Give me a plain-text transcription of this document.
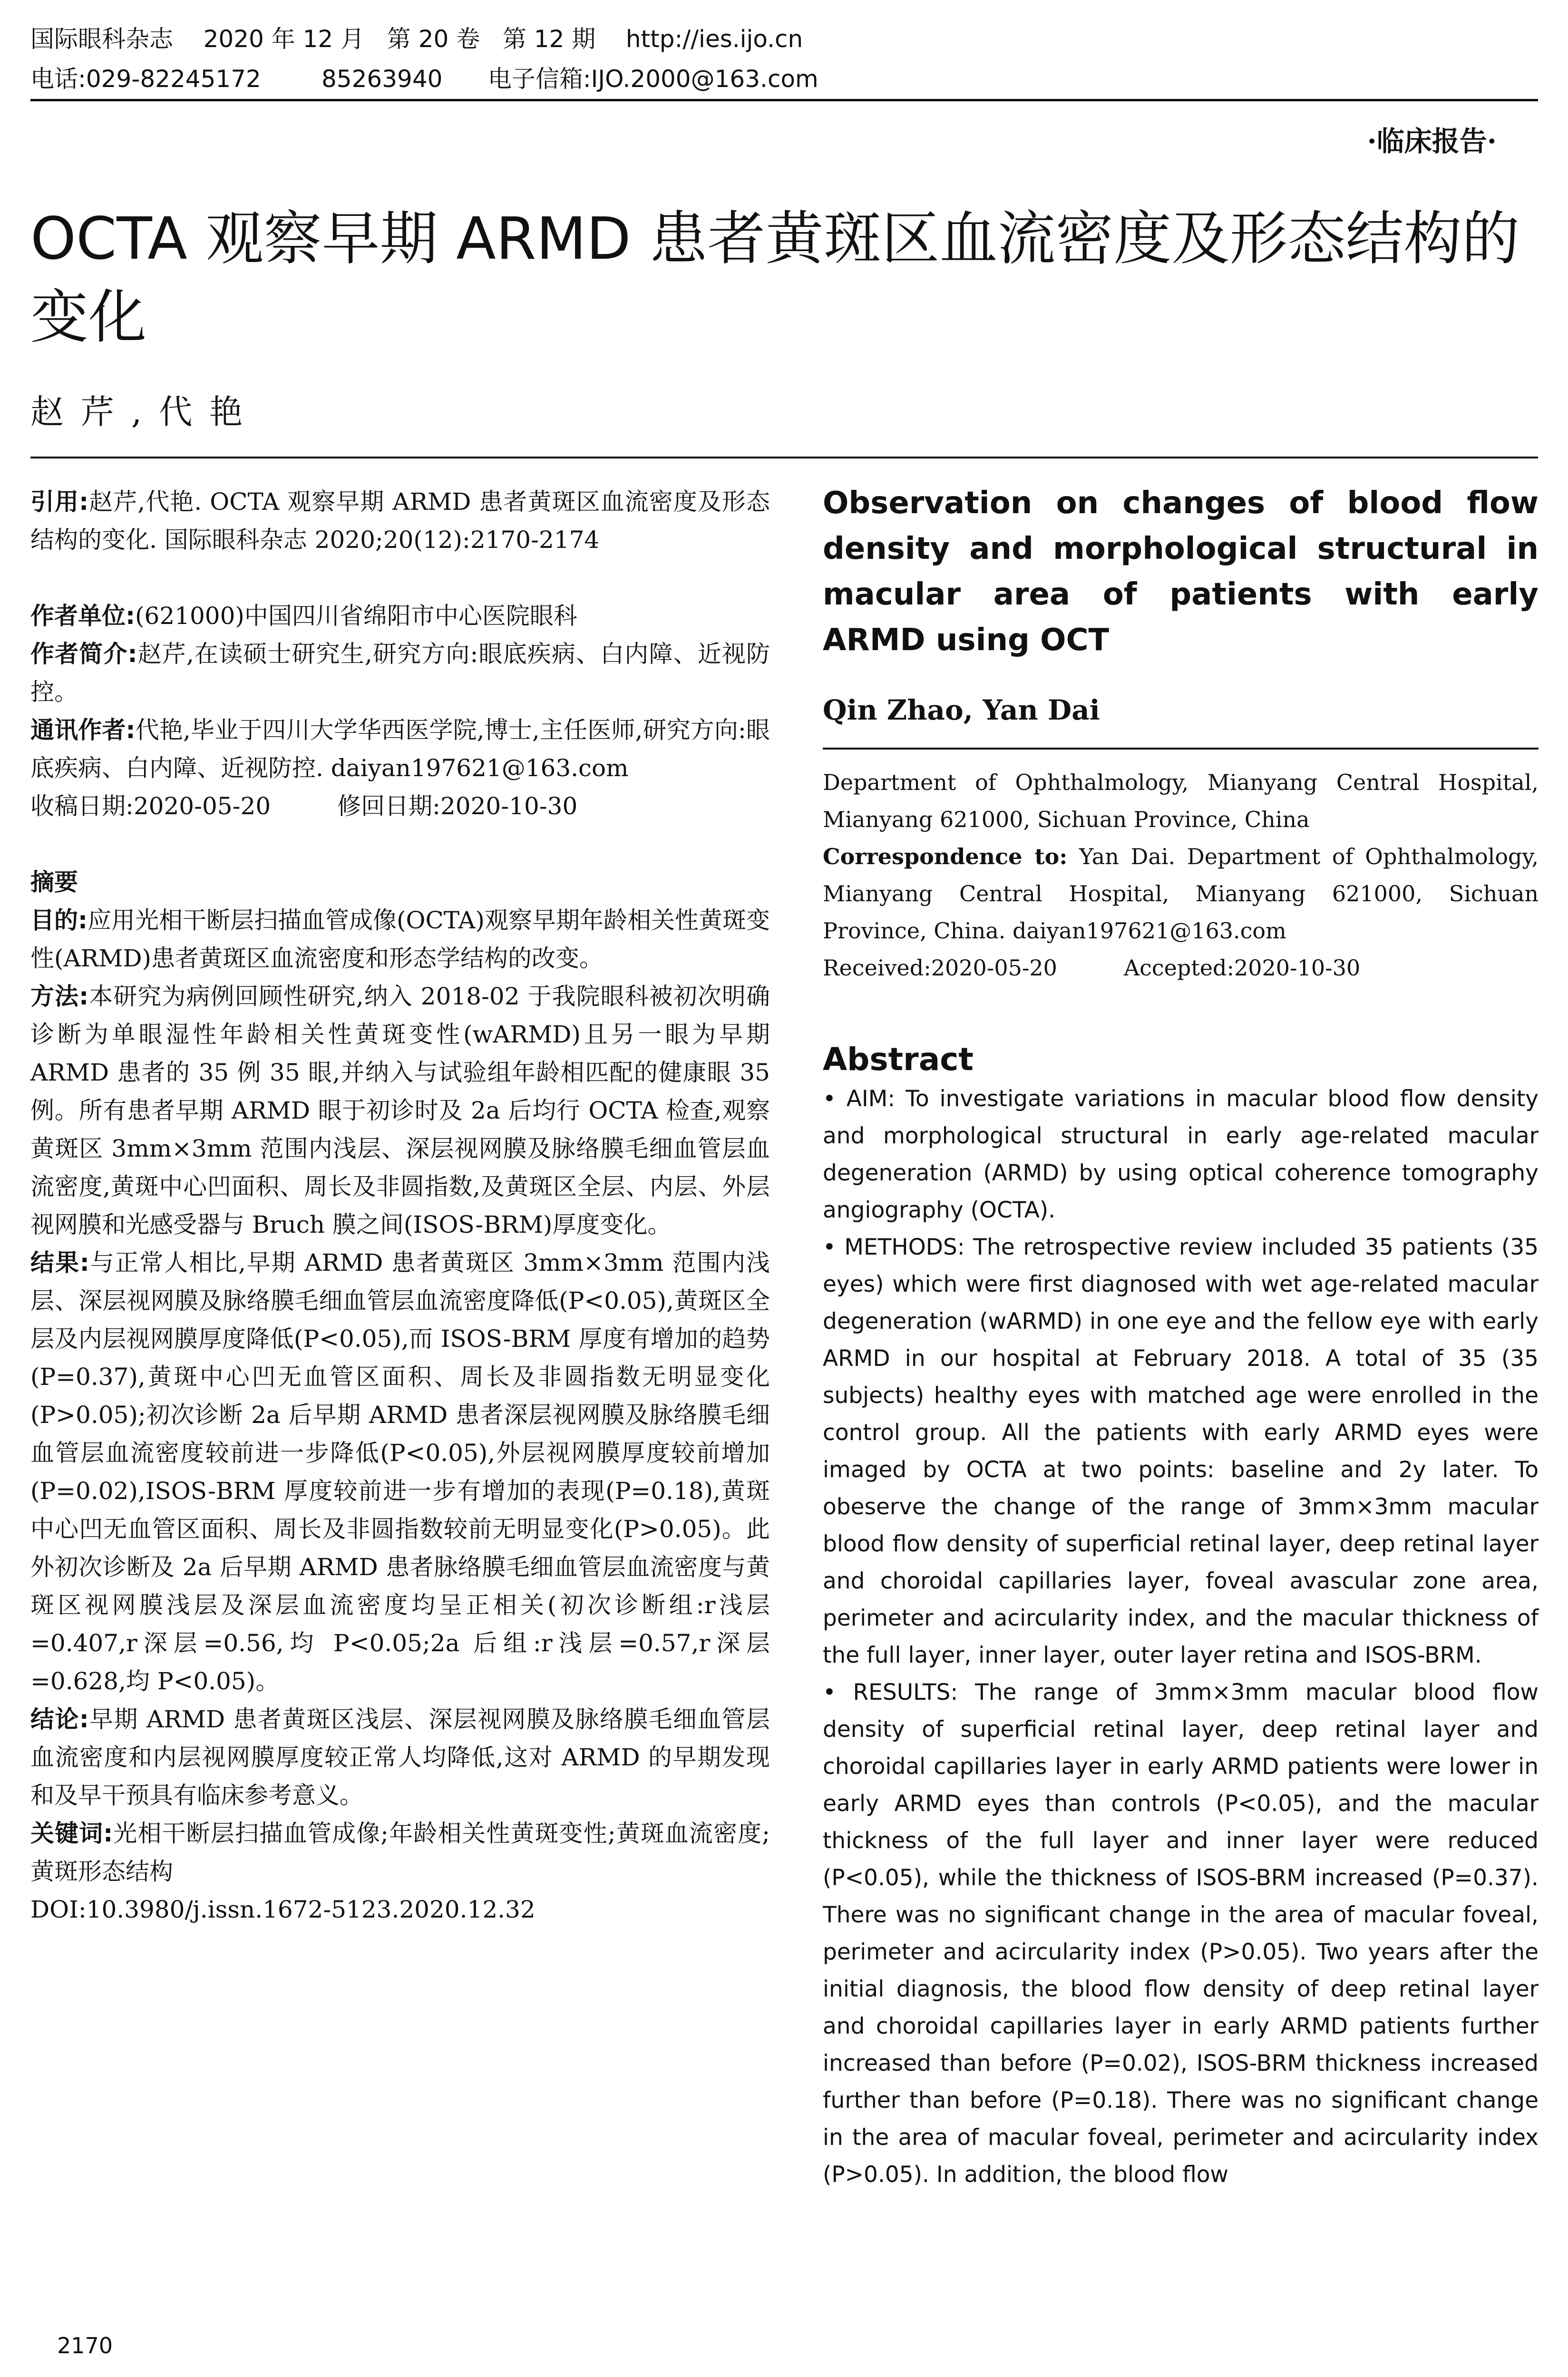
国际眼科杂志    2020 年 12 月   第 20 卷   第 12 期    http://ies.ijo.cn
电话:029-82245172        85263940      电子信箱:IJO.2000@163.com
·临床报告·
OCTA 观察早期 ARMD 患者黄斑区血流密度及形态结构的变化
赵芹,代艳

引用:赵芹,代艳. OCTA 观察早期 ARMD 患者黄斑区血流密度及形态结构的变化. 国际眼科杂志 2020;20(12):2170-2174

作者单位:(621000)中国四川省绵阳市中心医院眼科

作者简介:赵芹,在读硕士研究生,研究方向:眼底疾病、白内障、近视防控。

通讯作者:代艳,毕业于四川大学华西医学院,博士,主任医师,研究方向:眼底疾病、白内障、近视防控. daiyan197621@163.com

收稿日期:2020-05-20	修回日期:2020-10-30

摘要

目的:应用光相干断层扫描血管成像(OCTA)观察早期年龄相关性黄斑变性(ARMD)患者黄斑区血流密度和形态学结构的改变。

方法:本研究为病例回顾性研究,纳入 2018-02 于我院眼科被初次明确诊断为单眼湿性年龄相关性黄斑变性(wARMD)且另一眼为早期 ARMD 患者的 35 例 35 眼,并纳入与试验组年龄相匹配的健康眼 35 例。所有患者早期 ARMD 眼于初诊时及 2a 后均行 OCTA 检查,观察黄斑区 3mm×3mm 范围内浅层、深层视网膜及脉络膜毛细血管层血流密度,黄斑中心凹面积、周长及非圆指数,及黄斑区全层、内层、外层视网膜和光感受器与 Bruch 膜之间(ISOS-BRM)厚度变化。

结果:与正常人相比,早期 ARMD 患者黄斑区 3mm×3mm 范围内浅层、深层视网膜及脉络膜毛细血管层血流密度降低(P<0.05),黄斑区全层及内层视网膜厚度降低(P<0.05),而 ISOS-BRM 厚度有增加的趋势(P=0.37),黄斑中心凹无血管区面积、周长及非圆指数无明显变化(P>0.05);初次诊断 2a 后早期 ARMD 患者深层视网膜及脉络膜毛细血管层血流密度较前进一步降低(P<0.05),外层视网膜厚度较前增加(P=0.02),ISOS-BRM 厚度较前进一步有增加的表现(P=0.18),黄斑中心凹无血管区面积、周长及非圆指数较前无明显变化(P>0.05)。此外初次诊断及 2a 后早期 ARMD 患者脉络膜毛细血管层血流密度与黄斑区视网膜浅层及深层血流密度均呈正相关(初次诊断组:r浅层=0.407,r深层=0.56,均 P<0.05;2a 后组:r浅层=0.57,r深层=0.628,均 P<0.05)。

结论:早期 ARMD 患者黄斑区浅层、深层视网膜及脉络膜毛细血管层血流密度和内层视网膜厚度较正常人均降低,这对 ARMD 的早期发现和及早干预具有临床参考意义。

关键词:光相干断层扫描血管成像;年龄相关性黄斑变性;黄斑血流密度;黄斑形态结构

DOI:10.3980/j.issn.1672-5123.2020.12.32

Observation on changes of blood flow density and morphological structural in macular area of patients with early ARMD using OCT

Qin Zhao, Yan Dai
Department of Ophthalmology, Mianyang Central Hospital, Mianyang 621000, Sichuan Province, China
Correspondence to: Yan Dai. Department of Ophthalmology, Mianyang Central Hospital, Mianyang 621000, Sichuan Province, China. daiyan197621@163.com
Received:2020-05-20	Accepted:2020-10-30
Abstract

• AIM: To investigate variations in macular blood flow density and morphological structural in early age-related macular degeneration (ARMD) by using optical coherence tomography angiography (OCTA).

• METHODS: The retrospective review included 35 patients (35 eyes) which were first diagnosed with wet age-related macular degeneration (wARMD) in one eye and the fellow eye with early ARMD in our hospital at February 2018. A total of 35 (35 subjects) healthy eyes with matched age were enrolled in the control group. All the patients with early ARMD eyes were imaged by OCTA at two points: baseline and 2y later. To obeserve the change of the range of 3mm×3mm macular blood flow density of superficial retinal layer, deep retinal layer and choroidal capillaries layer, foveal avascular zone area, perimeter and acircularity index, and the macular thickness of the full layer, inner layer, outer layer retina and ISOS-BRM.

• RESULTS: The range of 3mm×3mm macular blood flow density of superficial retinal layer, deep retinal layer and choroidal capillaries layer in early ARMD patients were lower in early ARMD eyes than controls (P<0.05), and the macular thickness of the full layer and inner layer were reduced (P<0.05), while the thickness of ISOS-BRM increased (P=0.37). There was no significant change in the area of macular foveal, perimeter and acircularity index (P>0.05). Two years after the initial diagnosis, the blood flow density of deep retinal layer and choroidal capillaries layer in early ARMD patients further increased than before (P=0.02), ISOS-BRM thickness increased further than before (P=0.18). There was no significant change in the area of macular foveal, perimeter and acircularity index (P>0.05). In addition, the blood flow

2170
